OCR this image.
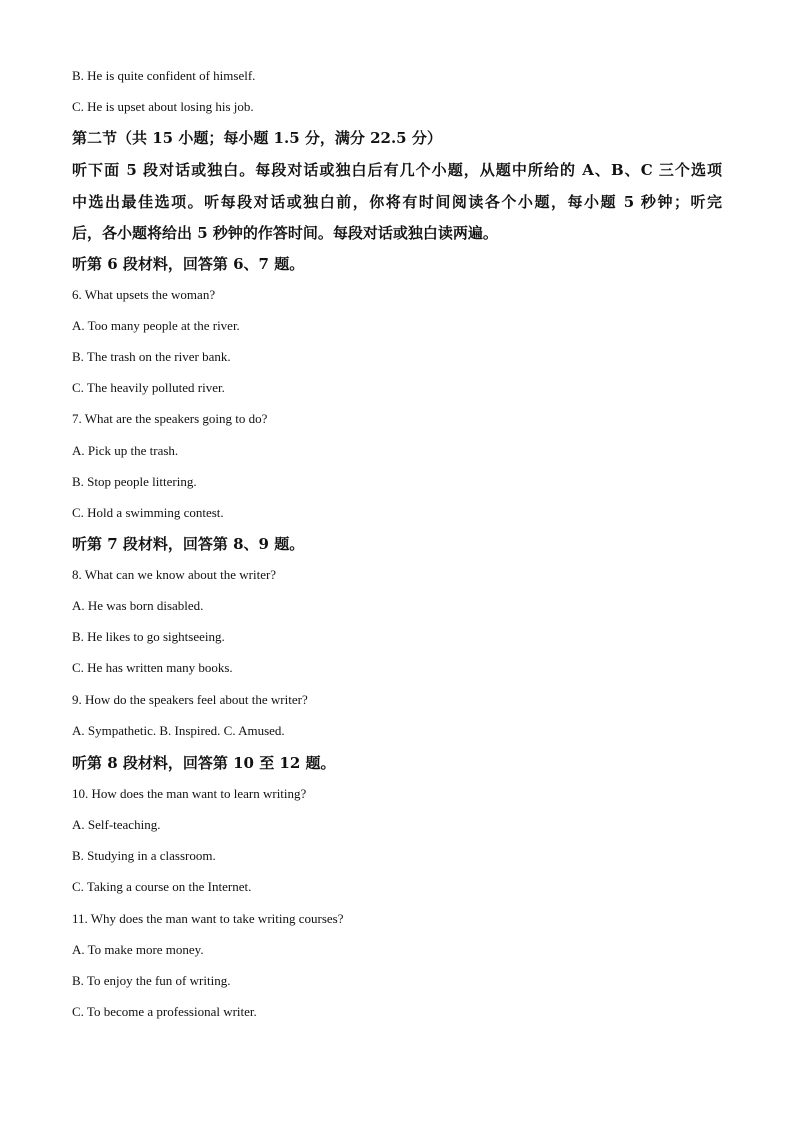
B. He is quite confident of himself.
C. He is upset about losing his job.
第二节（共 15 小题；每小题 1.5 分，满分 22.5 分）
听下面 5 段对话或独白。每段对话或独白后有几个小题，从题中所给的 A、B、C 三个选项
中选出最佳选项。听每段对话或独白前，你将有时间阅读各个小题，每小题 5 秒钟；听完
后，各小题将给出 5 秒钟的作答时间。每段对话或独白读两遍。
听第 6 段材料，回答第 6、7 题。
6. What upsets the woman?
A. Too many people at the river.
B. The trash on the river bank.
C. The heavily polluted river.
7. What are the speakers going to do?
A. Pick up the trash.
B. Stop people littering.
C. Hold a swimming contest.
听第 7 段材料，回答第 8、9 题。
8. What can we know about the writer?
A. He was born disabled.
B. He likes to go sightseeing.
C. He has written many books.
9. How do the speakers feel about the writer?
A. Sympathetic. B. Inspired. C. Amused.
听第 8 段材料，回答第 10 至 12 题。
10. How does the man want to learn writing?
A. Self-teaching.
B. Studying in a classroom.
C. Taking a course on the Internet.
11. Why does the man want to take writing courses?
A. To make more money.
B. To enjoy the fun of writing.
C. To become a professional writer.
